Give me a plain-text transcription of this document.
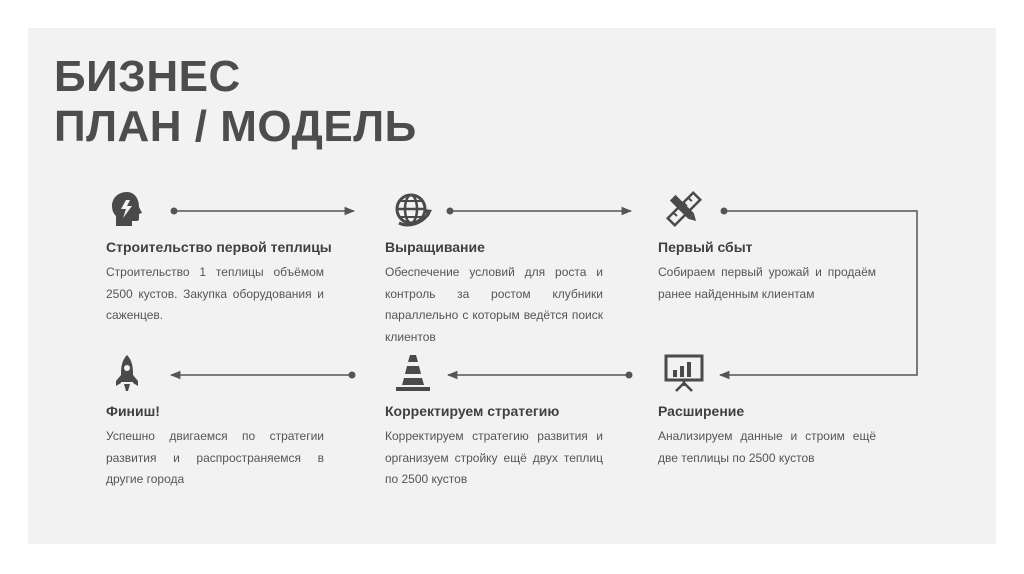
БИЗНЕС
ПЛАН / МОДЕЛЬ
Строительство первой теплицы
Строительство 1 теплицы объёмом 2500 кустов. Закупка оборудования и саженцев.
Выращивание
Обеспечение условий для роста и контроль за ростом клубники параллельно с которым ведётся поиск клиентов
Первый сбыт
Собираем первый урожай и продаём ранее найденным клиентам
Расширение
Анализируем данные и строим ещё две теплицы по 2500 кустов
Корректируем стратегию
Корректируем стратегию развития и организуем стройку ещё двух теплиц по 2500 кустов
Финиш!
Успешно двигаемся по стратегии развития и распространяемся в другие города
